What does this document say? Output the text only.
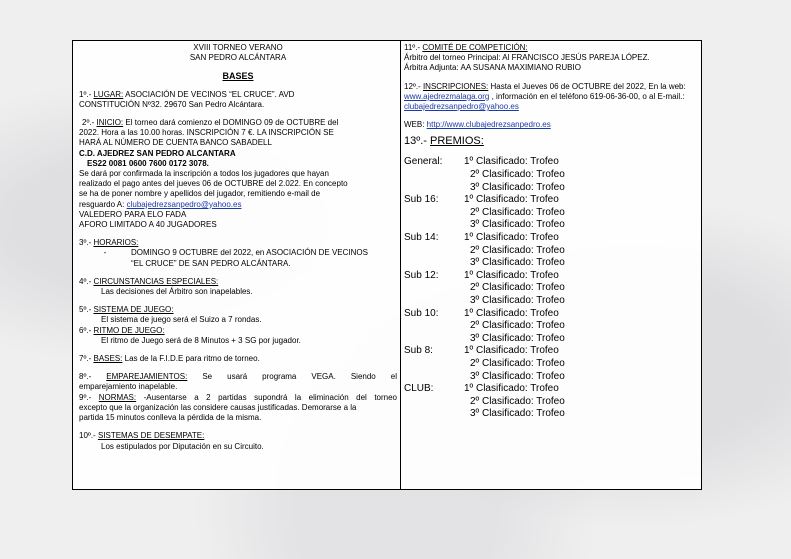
XVIII TORNEO VERANO
SAN PEDRO ALCÁNTARA
BASES
1º.- LUGAR: ASOCIACIÓN DE VECINOS “EL CRUCE”. AVD
CONSTITUCIÓN Nº32. 29670 San Pedro Alcántara.
2º.- INICIO: El torneo dará comienzo el DOMINGO 09 de OCTUBRE del
2022. Hora a las 10.00 horas. INSCRIPCIÓN 7 €. LA INSCRIPCIÓN SE
HARÁ AL NÚMERO DE CUENTA BANCO SABADELL
C.D. AJEDREZ SAN PEDRO ALCANTARA
ES22 0081 0600 7600 0172 3078.
Se dará por confirmada la inscripción a todos los jugadores que hayan
realizado el pago antes del jueves 06 de OCTUBRE del 2.022. En concepto
se ha de poner nombre y apellidos del jugador, remitiendo e-mail de
resguardo A: clubajedrezsanpedro@yahoo.es
VALEDERO PARA ELO FADA
AFORO LIMITADO A 40 JUGADORES
3º.- HORARIOS:
-	DOMINGO 9 OCTUBRE del 2022, en ASOCIACIÓN DE VECINOS
“EL CRUCE” DE SAN PEDRO ALCÁNTARA.
4º.- CIRCUNSTANCIAS ESPECIALES:
Las decisiones del Árbitro son inapelables.
5º.- SISTEMA DE JUEGO:
El sistema de juego será el Suizo a 7 rondas.
6º.- RITMO DE JUEGO:
El ritmo de Juego será de 8 Minutos + 3 SG por jugador.
7º.- BASES: Las de la F.I.D.E para ritmo de torneo.
8º.- EMPAREJAMIENTOS: Se usará programa VEGA. Siendo el
emparejamiento inapelable.
9º.- NORMAS: -Ausentarse a 2 partidas supondrá la eliminación del torneo
excepto que la organización las considere causas justificadas. Demorarse a la
partida 15 minutos conlleva la pérdida de la misma.
10º.- SISTEMAS DE DESEMPATE:
Los estipulados por Diputación en su Circuito.
11º.- COMITÉ DE COMPETICIÓN:
Árbitro del torneo Principal: Al FRANCISCO JESÚS PAREJA LÓPEZ.
Árbitra Adjunta: AA SUSANA MAXIMIANO RUBIO
12º.- INSCRIPCIONES: Hasta el Jueves 06 de OCTUBRE del 2022, En la web:
www.ajedrezmalaga.org , información en el teléfono 619-06-36-00, o al E-mail.:
clubajedrezsanpedro@yahoo.es
WEB: http://www.clubajedrezsanpedro.es
13º.- PREMIOS:
General:	1º Clasificado: Trofeo
2º Clasificado: Trofeo
3º Clasificado: Trofeo
Sub 16:	1º Clasificado: Trofeo
2º Clasificado: Trofeo
3º Clasificado: Trofeo
Sub 14:	1º Clasificado: Trofeo
2º Clasificado: Trofeo
3º Clasificado: Trofeo
Sub 12:	1º Clasificado: Trofeo
2º Clasificado: Trofeo
3º Clasificado: Trofeo
Sub 10:	1º Clasificado: Trofeo
2º Clasificado: Trofeo
3º Clasificado: Trofeo
Sub 8:	1º Clasificado: Trofeo
2º Clasificado: Trofeo
3º Clasificado: Trofeo
CLUB:	1º Clasificado: Trofeo
2º Clasificado: Trofeo
3º Clasificado: Trofeo
